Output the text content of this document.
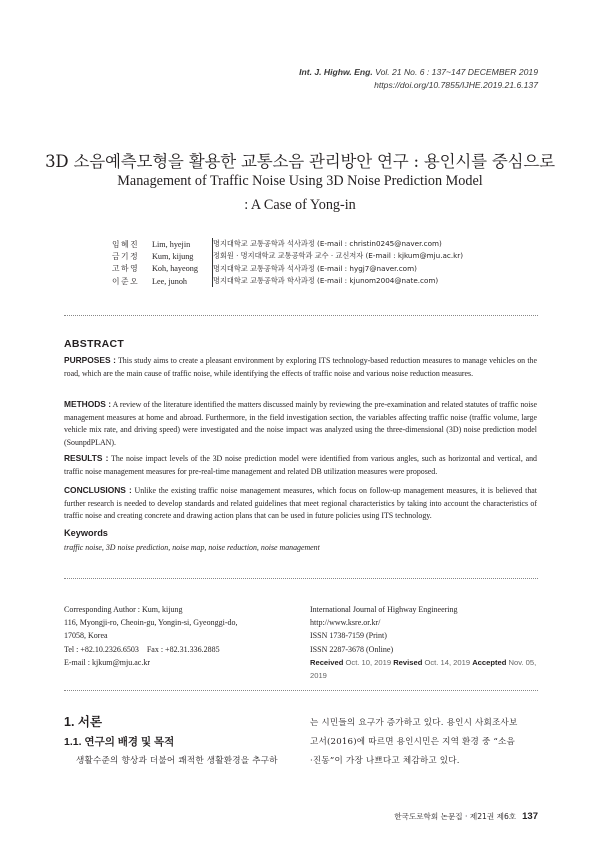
Int. J. Highw. Eng. Vol. 21 No. 6 : 137~147 DECEMBER 2019
https://doi.org/10.7855/IJHE.2019.21.6.137
3D 소음예측모형을 활용한 교통소음 관리방안 연구 : 용인시를 중심으로
Management of Traffic Noise Using 3D Noise Prediction Model
: A Case of Yong-in
임혜진	Lim, hyejin	명지대학교 교통공학과 석사과정 (E-mail : christin0245@naver.com)
금기정	Kum, kijung	정회원 · 명지대학교 교통공학과 교수 · 교신저자 (E-mail : kjkum@mju.ac.kr)
고하영	Koh, hayeong	명지대학교 교통공학과 석사과정 (E-mail : hygj7@naver.com)
이준오	Lee, junoh	명지대학교 교통공학과 학사과정 (E-mail : kjunom2004@nate.com)
ABSTRACT
PURPOSES : This study aims to create a pleasant environment by exploring ITS technology-based reduction measures to manage vehicles on the road, which are the main cause of traffic noise, while identifying the effects of traffic noise and various noise reduction measures.
METHODS : A review of the literature identified the matters discussed mainly by reviewing the pre-examination and related statutes of traffic noise management measures at home and abroad. Furthermore, in the field investigation section, the variables affecting traffic noise (traffic volume, large vehicle mix rate, and driving speed) were investigated and the noise impact was analyzed using the three-dimensional (3D) noise prediction model (SounpdPLAN).
RESULTS : The noise impact levels of the 3D noise prediction model were identified from various angles, such as horizontal and vertical, and traffic noise management measures for pre-real-time management and related DB utilization measures were proposed.
CONCLUSIONS : Unlike the existing traffic noise management measures, which focus on follow-up management measures, it is believed that further research is needed to develop standards and related guidelines that meet regional characteristics by taking into account the characteristics of traffic noise and creating concrete and drawing action plans that can be used in future policies using ITS technology.
Keywords
traffic noise, 3D noise prediction, noise map, noise reduction, noise management
Corresponding Author : Kum, kijung
116, Myongji-ro, Cheoin-gu, Yongin-si, Gyeonggi-do,
17058, Korea
Tel : +82.10.2326.6503    Fax : +82.31.336.2885
E-mail : kjkum@mju.ac.kr
International Journal of Highway Engineering
http://www.ksre.or.kr/
ISSN 1738-7159 (Print)
ISSN 2287-3678 (Online)
Received Oct. 10, 2019 Revised Oct. 14, 2019 Accepted Nov. 05, 2019
1. 서론
1.1. 연구의 배경 및 목적
생활수준의 향상과 더불어 쾌적한 생활환경을 추구하
는 시민들의 요구가 증가하고 있다. 용인시 사회조사보
고서(2016)에 따르면 용인시민은 지역 환경 중 “소음
·진동”이 가장 나쁘다고 체감하고 있다.
한국도로학회 논문집 · 제21권 제6호 137
